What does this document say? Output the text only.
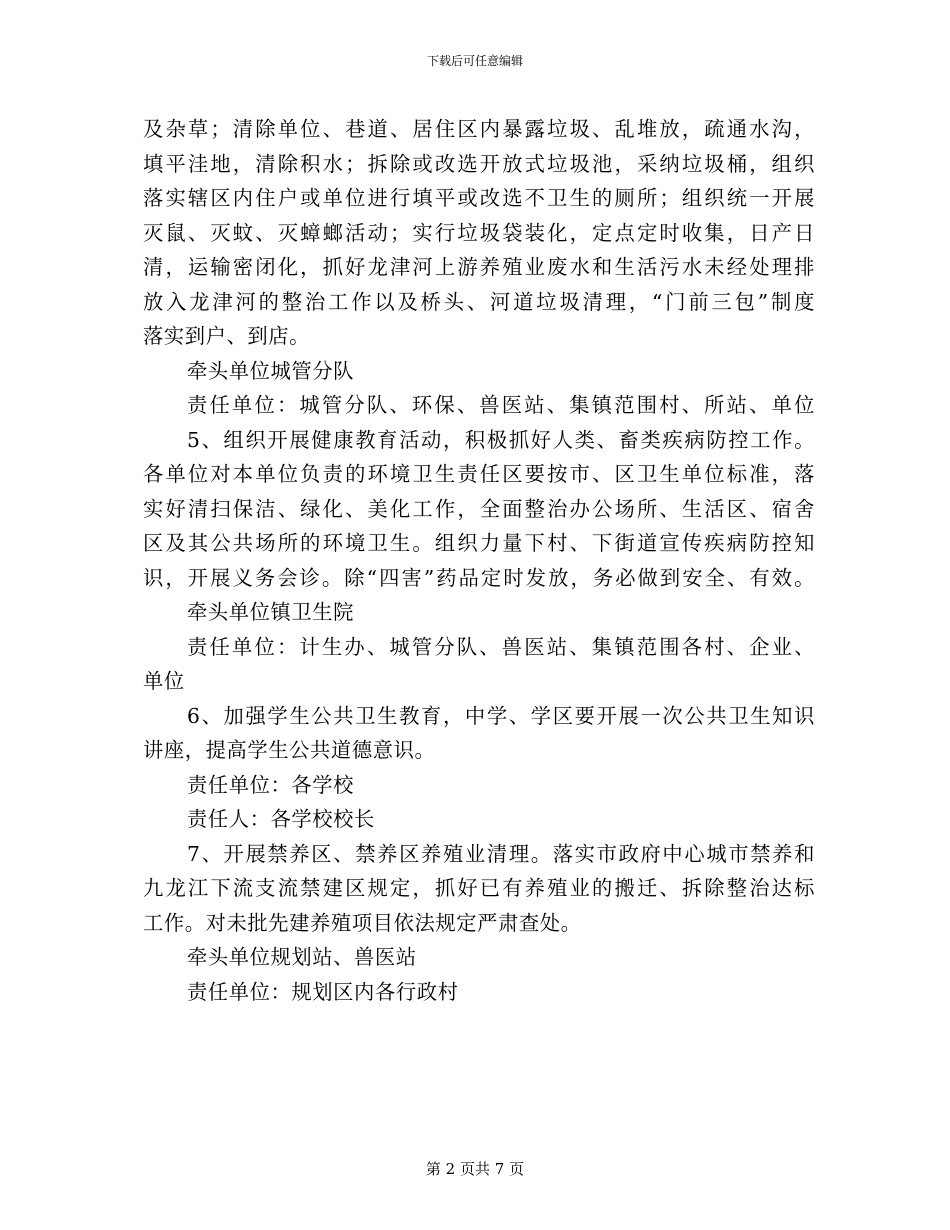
下载后可任意编辑
及杂草；清除单位、巷道、居住区内暴露垃圾、乱堆放，疏通水沟，
填平洼地，清除积水；拆除或改选开放式垃圾池，采纳垃圾桶，组织
落实辖区内住户或单位进行填平或改选不卫生的厕所；组织统一开展
灭鼠、灭蚊、灭蟑螂活动；实行垃圾袋装化，定点定时收集，日产日
清，运输密闭化，抓好龙津河上游养殖业废水和生活污水未经处理排
放入龙津河的整治工作以及桥头、河道垃圾清理，“门前三包”制度
落实到户、到店。
牵头单位城管分队
责任单位：城管分队、环保、兽医站、集镇范围村、所站、单位
5、组织开展健康教育活动，积极抓好人类、畜类疾病防控工作。
各单位对本单位负责的环境卫生责任区要按市、区卫生单位标准，落
实好清扫保洁、绿化、美化工作，全面整治办公场所、生活区、宿舍
区及其公共场所的环境卫生。组织力量下村、下街道宣传疾病防控知
识，开展义务会诊。除“四害”药品定时发放，务必做到安全、有效。
牵头单位镇卫生院
责任单位：计生办、城管分队、兽医站、集镇范围各村、企业、
单位
6、加强学生公共卫生教育，中学、学区要开展一次公共卫生知识
讲座，提高学生公共道德意识。
责任单位：各学校
责任人：各学校校长
7、开展禁养区、禁养区养殖业清理。落实市政府中心城市禁养和
九龙江下流支流禁建区规定，抓好已有养殖业的搬迁、拆除整治达标
工作。对未批先建养殖项目依法规定严肃查处。
牵头单位规划站、兽医站
责任单位：规划区内各行政村
第 2 页共 7 页
